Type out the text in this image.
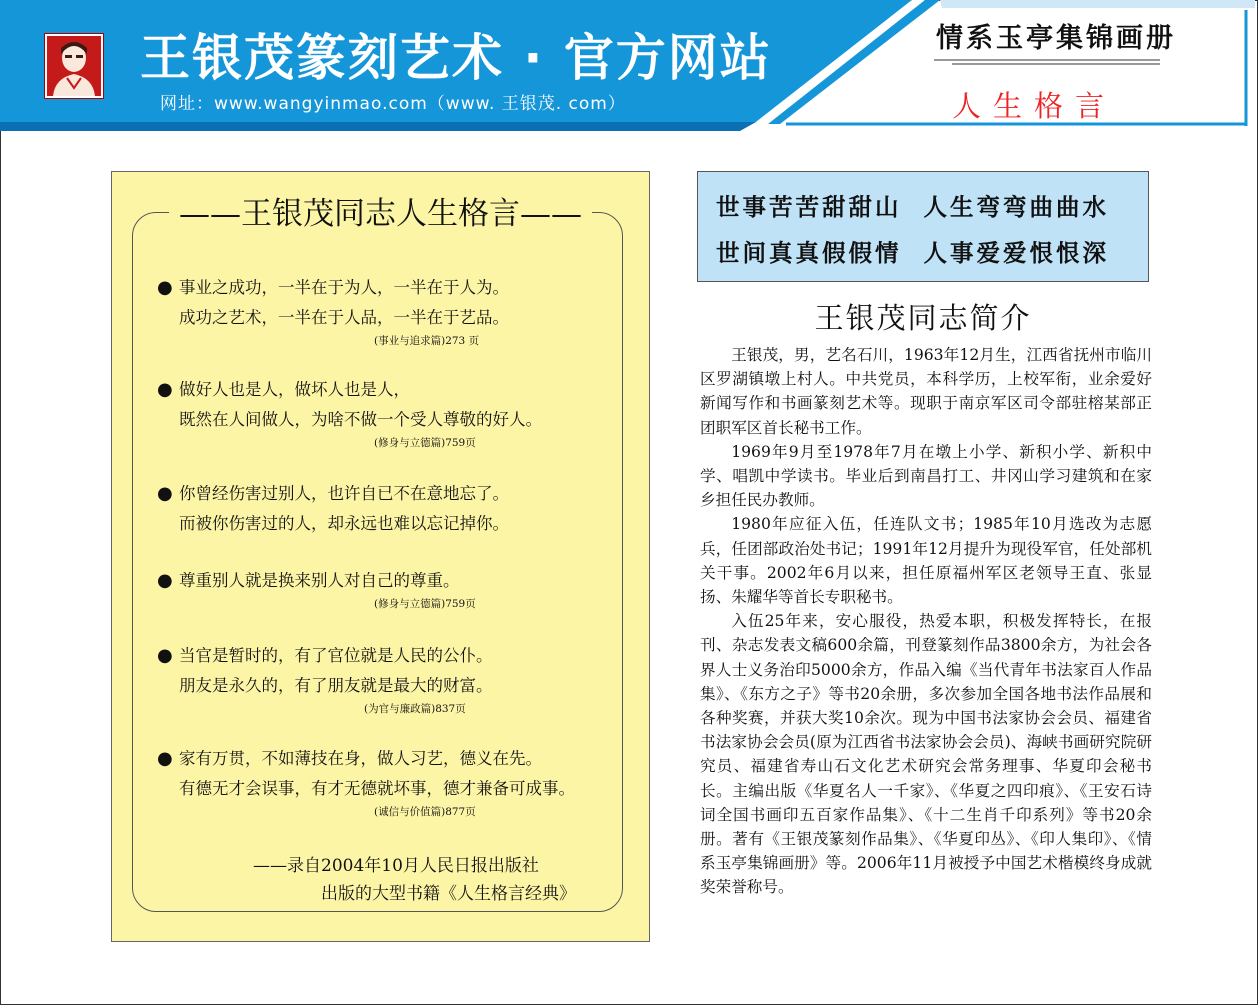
王银茂篆刻艺术 · 官方网站
网址：www.wangyinmao.com（www. 王银茂. com）
情系玉亭集锦画册
人生格言
——王银茂同志人生格言——
● 事业之成功，一半在于为人，一半在于人为。
成功之艺术，一半在于人品，一半在于艺品。
(事业与追求篇)273 页
● 做好人也是人，做坏人也是人，
既然在人间做人，为啥不做一个受人尊敬的好人。
(修身与立德篇)759页
● 你曾经伤害过别人，也许自已不在意地忘了。
而被你伤害过的人，却永远也难以忘记掉你。
● 尊重别人就是换来别人对自己的尊重。
(修身与立德篇)759页
● 当官是暂时的，有了官位就是人民的公仆。
朋友是永久的，有了朋友就是最大的财富。
(为官与廉政篇)837页
● 家有万贯，不如薄技在身，做人习艺，德义在先。
有德无才会误事，有才无德就坏事，德才兼备可成事。
(诚信与价值篇)877页
——录自2004年10月人民日报出版社
出版的大型书籍《人生格言经典》
世事苦苦甜甜山 人生弯弯曲曲水
世间真真假假情 人事爱爱恨恨深
王银茂同志简介

王银茂，男，艺名石川，1963年12月生，江西省抚州市临川区罗湖镇墩上村人。中共党员，本科学历，上校军衔，业余爱好新闻写作和书画篆刻艺术等。现职于南京军区司令部驻榕某部正团职军区首长秘书工作。

1969年9月至1978年7月在墩上小学、新积小学、新积中学、唱凯中学读书。毕业后到南昌打工、井冈山学习建筑和在家乡担任民办教师。

1980年应征入伍，任连队文书；1985年10月选改为志愿兵，任团部政治处书记；1991年12月提升为现役军官，任处部机关干事。2002年6月以来，担任原福州军区老领导王直、张显扬、朱耀华等首长专职秘书。

入伍25年来，安心服役，热爱本职，积极发挥特长，在报刊、杂志发表文稿600余篇，刊登篆刻作品3800余方，为社会各界人士义务治印5000余方，作品入编《当代青年书法家百人作品集》、《东方之子》等书20余册，多次参加全国各地书法作品展和各种奖赛，并获大奖10余次。现为中国书法家协会会员、福建省书法家协会会员(原为江西省书法家协会会员)、海峡书画研究院研究员、福建省寿山石文化艺术研究会常务理事、华夏印会秘书长。主编出版《华夏名人一千家》、《华夏之四印痕》、《王安石诗词全国书画印五百家作品集》、《十二生肖千印系列》等书20余册。著有《王银茂篆刻作品集》、《华夏印丛》、《印人集印》、《情系玉亭集锦画册》等。2006年11月被授予中国艺术楷模终身成就奖荣誉称号。
